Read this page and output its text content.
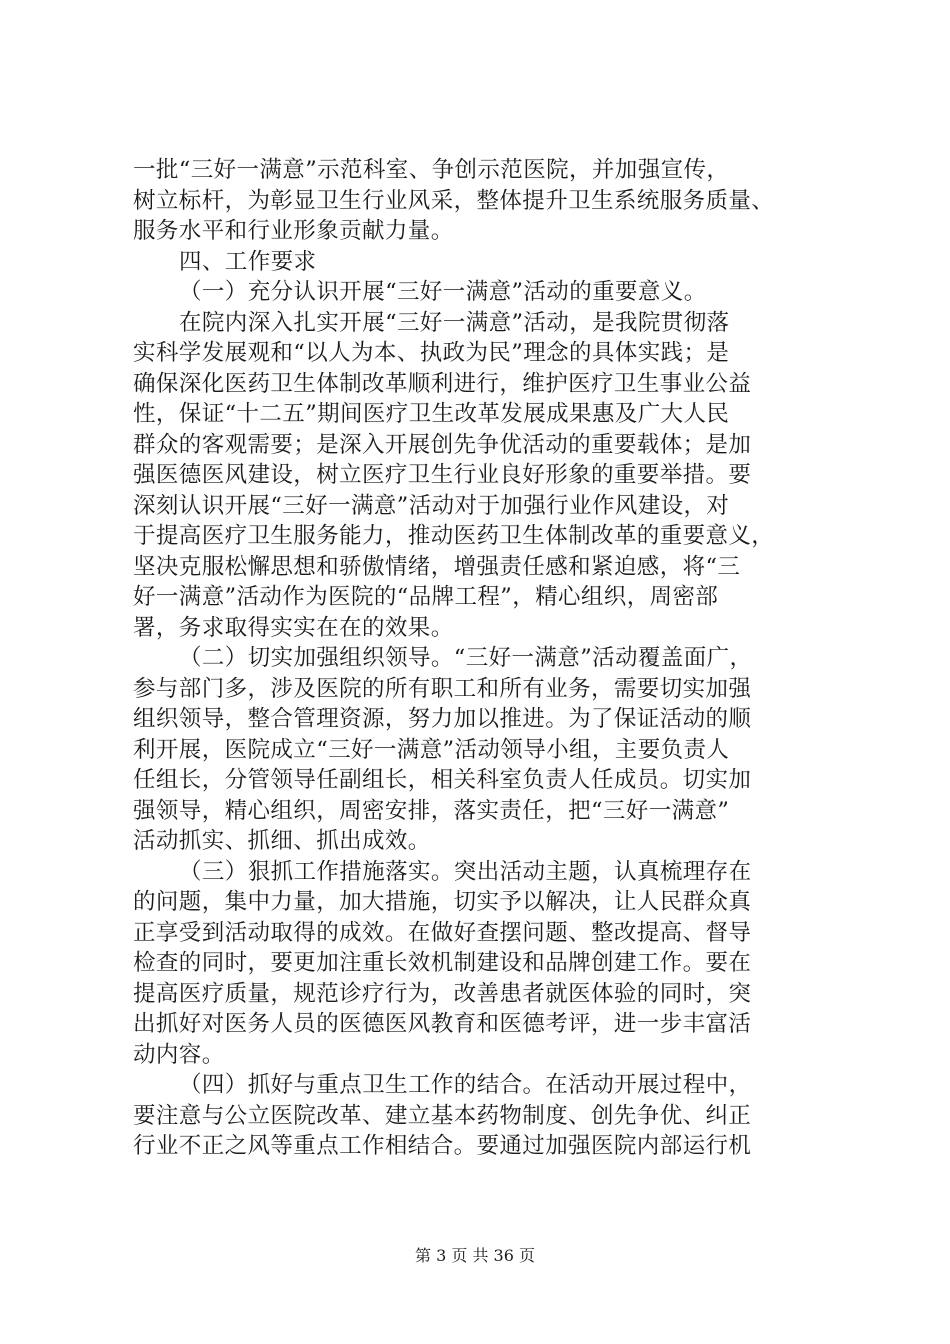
一批“三好一满意”示范科室、争创示范医院，并加强宣传，
树立标杆，为彰显卫生行业风采，整体提升卫生系统服务质量、
服务水平和行业形象贡献力量。
四、工作要求
（一）充分认识开展“三好一满意”活动的重要意义。
在院内深入扎实开展“三好一满意”活动，是我院贯彻落
实科学发展观和“以人为本、执政为民”理念的具体实践；是
确保深化医药卫生体制改革顺利进行，维护医疗卫生事业公益
性，保证“十二五”期间医疗卫生改革发展成果惠及广大人民
群众的客观需要；是深入开展创先争优活动的重要载体；是加
强医德医风建设，树立医疗卫生行业良好形象的重要举措。要
深刻认识开展“三好一满意”活动对于加强行业作风建设，对
于提高医疗卫生服务能力，推动医药卫生体制改革的重要意义，
坚决克服松懈思想和骄傲情绪，增强责任感和紧迫感，将“三
好一满意”活动作为医院的“品牌工程”，精心组织，周密部
署，务求取得实实在在的效果。
（二）切实加强组织领导。“三好一满意”活动覆盖面广，
参与部门多，涉及医院的所有职工和所有业务，需要切实加强
组织领导，整合管理资源，努力加以推进。为了保证活动的顺
利开展，医院成立“三好一满意”活动领导小组，主要负责人
任组长，分管领导任副组长，相关科室负责人任成员。切实加
强领导，精心组织，周密安排，落实责任，把“三好一满意”
活动抓实、抓细、抓出成效。
（三）狠抓工作措施落实。突出活动主题，认真梳理存在
的问题，集中力量，加大措施，切实予以解决，让人民群众真
正享受到活动取得的成效。在做好查摆问题、整改提高、督导
检查的同时，要更加注重长效机制建设和品牌创建工作。要在
提高医疗质量，规范诊疗行为，改善患者就医体验的同时，突
出抓好对医务人员的医德医风教育和医德考评，进一步丰富活
动内容。
（四）抓好与重点卫生工作的结合。在活动开展过程中，
要注意与公立医院改革、建立基本药物制度、创先争优、纠正
行业不正之风等重点工作相结合。要通过加强医院内部运行机
第 3 页 共 36 页
